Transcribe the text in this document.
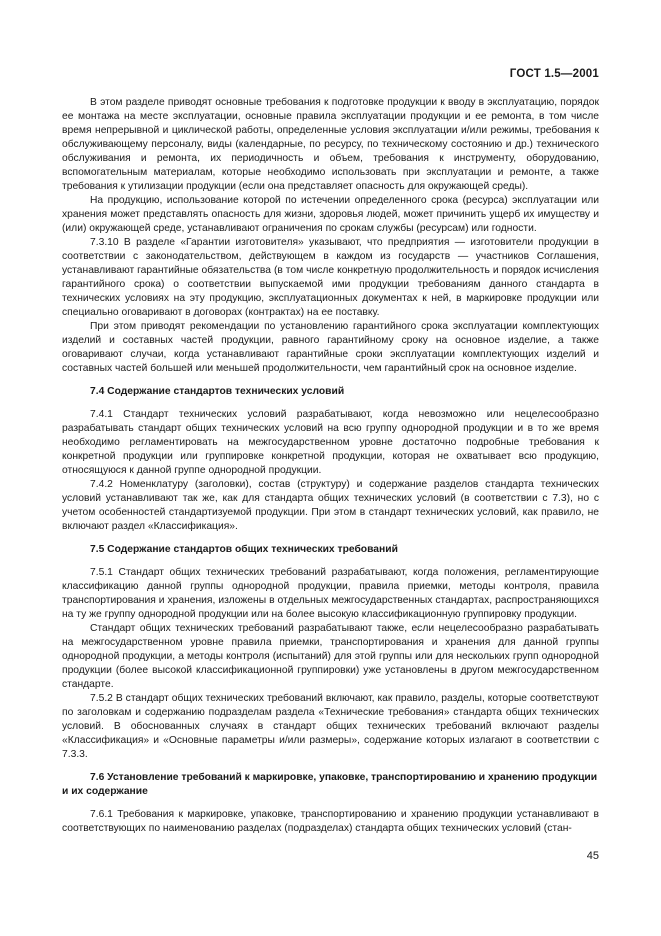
ГОСТ 1.5—2001

В этом разделе приводят основные требования к подготовке продукции к вводу в эксплуатацию, порядок ее монтажа на месте эксплуатации, основные правила эксплуатации продукции и ее ремонта, в том числе время непрерывной и циклической работы, определенные условия эксплуатации и/или режимы, требования к обслуживающему персоналу, виды (календарные, по ресурсу, по техническому состоянию и др.) технического обслуживания и ремонта, их периодичность и объем, требования к инструменту, оборудованию, вспомогательным материалам, которые необходимо использовать при эксплуатации и ремонте, а также требования к утилизации продукции (если она представляет опасность для окружающей среды).

На продукцию, использование которой по истечении определенного срока (ресурса) эксплуатации или хранения может представлять опасность для жизни, здоровья людей, может причинить ущерб их имуществу и (или) окружающей среде, устанавливают ограничения по срокам службы (ресурсам) или годности.

7.3.10 В разделе «Гарантии изготовителя» указывают, что предприятия — изготовители продукции в соответствии с законодательством, действующем в каждом из государств — участников Соглашения, устанавливают гарантийные обязательства (в том числе конкретную продолжительность и порядок исчисления гарантийного срока) о соответствии выпускаемой ими продукции требованиям данного стандарта в технических условиях на эту продукцию, эксплуатационных документах к ней, в маркировке продукции или специально оговаривают в договорах (контрактах) на ее поставку.

При этом приводят рекомендации по установлению гарантийного срока эксплуатации комплектующих изделий и составных частей продукции, равного гарантийному сроку на основное изделие, а также оговаривают случаи, когда устанавливают гарантийные сроки эксплуатации комплектующих изделий и составных частей большей или меньшей продолжительности, чем гарантийный срок на основное изделие.

7.4 Содержание стандартов технических условий

7.4.1 Стандарт технических условий разрабатывают, когда невозможно или нецелесообразно разрабатывать стандарт общих технических условий на всю группу однородной продукции и в то же время необходимо регламентировать на межгосударственном уровне достаточно подробные требования к конкретной продукции или группировке конкретной продукции, которая не охватывает всю продукцию, относящуюся к данной группе однородной продукции.

7.4.2 Номенклатуру (заголовки), состав (структуру) и содержание разделов стандарта технических условий устанавливают так же, как для стандарта общих технических условий (в соответствии с 7.3), но с учетом особенностей стандартизуемой продукции. При этом в стандарт технических условий, как правило, не включают раздел «Классификация».

7.5 Содержание стандартов общих технических требований

7.5.1 Стандарт общих технических требований разрабатывают, когда положения, регламентирующие классификацию данной группы однородной продукции, правила приемки, методы контроля, правила транспортирования и хранения, изложены в отдельных межгосударственных стандартах, распространяющихся на ту же группу однородной продукции или на более высокую классификационную группировку продукции.

Стандарт общих технических требований разрабатывают также, если нецелесообразно разрабатывать на межгосударственном уровне правила приемки, транспортирования и хранения для данной группы однородной продукции, а методы контроля (испытаний) для этой группы или для нескольких групп однородной продукции (более высокой классификационной группировки) уже установлены в другом межгосударственном стандарте.

7.5.2 В стандарт общих технических требований включают, как правило, разделы, которые соответствуют по заголовкам и содержанию подразделам раздела «Технические требования» стандарта общих технических условий. В обоснованных случаях в стандарт общих технических требований включают разделы «Классификация» и «Основные параметры и/или размеры», содержание которых излагают в соответствии с 7.3.3.

7.6 Установление требований к маркировке, упаковке, транспортированию и хранению продукции и их содержание

7.6.1 Требования к маркировке, упаковке, транспортированию и хранению продукции устанавливают в соответствующих по наименованию разделах (подразделах) стандарта общих технических условий (стан-

45
